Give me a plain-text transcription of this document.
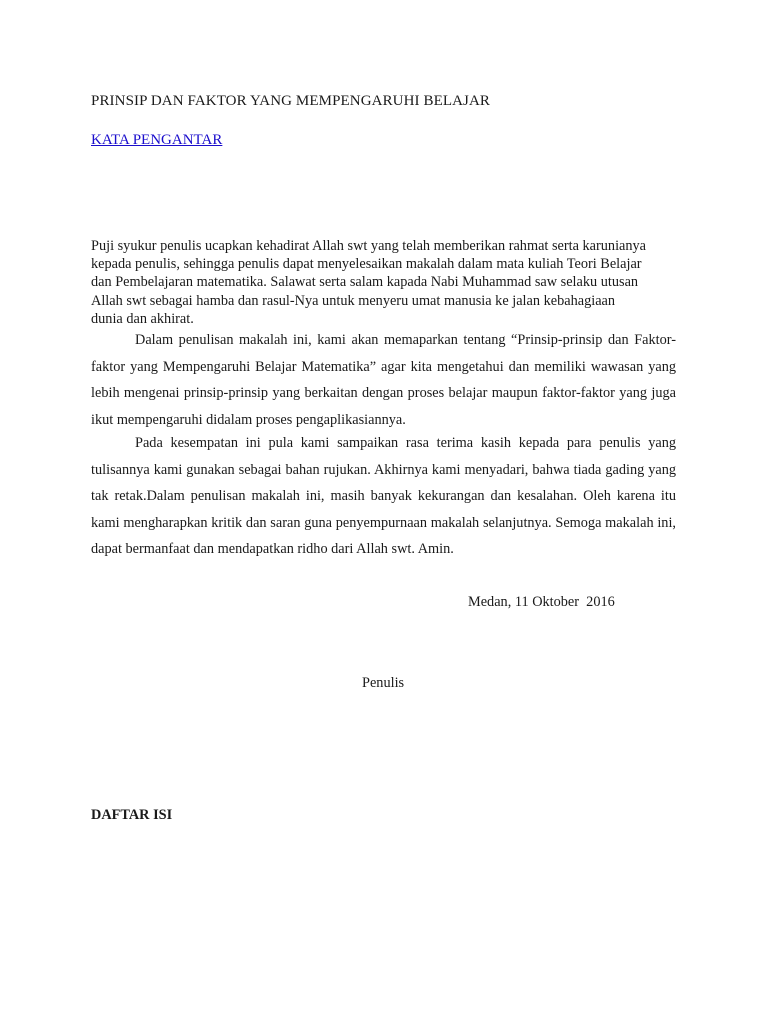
PRINSIP DAN FAKTOR YANG MEMPENGARUHI BELAJAR
KATA PENGANTAR

Puji syukur penulis ucapkan kehadirat Allah swt yang telah memberikan rahmat serta karunianya
kepada penulis, sehingga penulis dapat menyelesaikan makalah dalam mata kuliah Teori Belajar
dan Pembelajaran matematika. Salawat serta salam kapada Nabi Muhammad saw selaku utusan
Allah swt sebagai hamba dan rasul-Nya untuk menyeru umat manusia ke jalan kebahagiaan
dunia dan akhirat.

Dalam penulisan makalah ini, kami akan memaparkan tentang “Prinsip-prinsip dan Faktor-faktor yang Mempengaruhi Belajar Matematika” agar kita mengetahui dan memiliki wawasan yang lebih mengenai prinsip-prinsip yang berkaitan dengan proses belajar maupun faktor-faktor yang juga ikut mempengaruhi didalam proses pengaplikasiannya.

Pada kesempatan ini pula kami sampaikan rasa terima kasih kepada para penulis yang tulisannya kami gunakan sebagai bahan rujukan. Akhirnya kami menyadari, bahwa tiada gading yang tak retak.Dalam penulisan makalah ini, masih banyak kekurangan dan kesalahan. Oleh karena itu kami mengharapkan kritik dan saran guna penyempurnaan makalah selanjutnya. Semoga makalah ini, dapat bermanfaat dan mendapatkan ridho dari Allah swt. Amin.

Medan, 11 Oktober  2016
Penulis
DAFTAR ISI
